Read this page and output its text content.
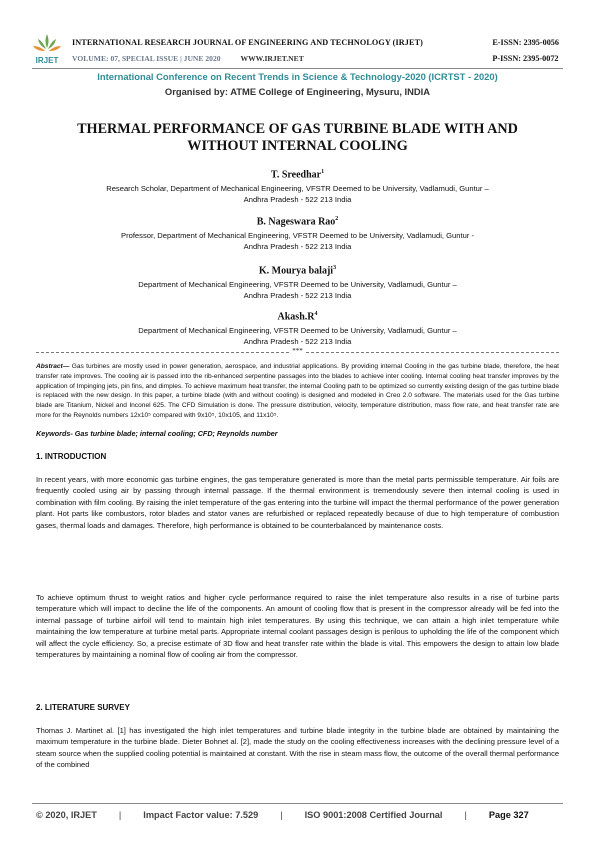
IRJET
INTERNATIONAL RESEARCH JOURNAL OF ENGINEERING AND TECHNOLOGY (IRJET)
VOLUME: 07, SPECIAL ISSUE | JUNE 2020	WWW.IRJET.NET
E-ISSN: 2395-0056
P-ISSN: 2395-0072
International Conference on Recent Trends in Science & Technology-2020 (ICRTST - 2020)
Organised by: ATME College of Engineering, Mysuru, INDIA
THERMAL PERFORMANCE OF GAS TURBINE BLADE WITH AND
WITHOUT INTERNAL COOLING
T. Sreedhar$^1$
Research Scholar, Department of Mechanical Engineering, VFSTR Deemed to be University, Vadlamudi, Guntur –
Andhra Pradesh - 522 213 India
B. Nageswara Rao$^2$
Professor, Department of Mechanical Engineering, VFSTR Deemed to be University, Vadlamudi, Guntur -
Andhra Pradesh - 522 213 India
K. Mourya balaji$^3$
Department of Mechanical Engineering, VFSTR Deemed to be University, Vadlamudi, Guntur –
Andhra Pradesh - 522 213 India
$Akash.R^4$
Department of Mechanical Engineering, VFSTR Deemed to be University, Vadlamudi, Guntur –
Andhra Pradesh - 522 213 India
***
Abstract— Gas turbines are mostly used in power generation, aerospace, and industrial applications. By providing internal Cooling in the gas turbine blade, therefore, the heat transfer rate improves. The cooling air is passed into the rib-enhanced serpentine passages into the blades to achieve inter cooling. Internal cooling heat transfer improves by the application of Impinging jets, pin fins, and dimples. To achieve maximum heat transfer, the internal Cooling path to be optimized so currently existing design of the gas turbine blade is replaced with the new design. In this paper, a turbine blade (with and without cooling) is designed and modeled in Creo 2.0 software. The materials used for the Gas turbine blade are Titanium, Nickel and Inconel 625. The CFD Simulation is done. The pressure distribution, velocity, temperature distribution, mass flow rate, and heat transfer rate are more for the Reynolds numbers 12x10⁵ compared with 9x10⁵, 10x105, and 11x10⁵.
Keywords- Gas turbine blade; internal cooling; CFD; Reynolds number
1. INTRODUCTION
In recent years, with more economic gas turbine engines, the gas temperature generated is more than the metal parts permissible temperature. Air foils are frequently cooled using air by passing through internal passage. If the thermal environment is tremendously severe then internal cooling is used in combination with film cooling. By raising the inlet temperature of the gas entering into the turbine will impact the thermal performance of the power generation plant. Hot parts like combustors, rotor blades and stator vanes are refurbished or replaced repeatedly because of due to high temperature of combustion gases, thermal loads and damages. Therefore, high performance is obtained to be counterbalanced by maintenance costs.
To achieve optimum thrust to weight ratios and higher cycle performance required to raise the inlet temperature also results in a rise of turbine parts temperature which will impact to decline the life of the components. An amount of cooling flow that is present in the compressor already will be fed into the internal passage of turbine airfoil will tend to maintain high inlet temperatures. By using this technique, we can attain a high inlet temperature while maintaining the low temperature at turbine metal parts. Appropriate internal coolant passages design is perilous to upholding the life of the component which will affect the cycle efficiency. So, a precise estimate of 3D flow and heat transfer rate within the blade is vital. This empowers the design to attain low blade temperatures by maintaining a nominal flow of cooling air from the compressor.
2. LITERATURE SURVEY
Thomas J. Martinet al. [1] has investigated the high inlet temperatures and turbine blade integrity in the turbine blade are obtained by maintaining the maximum temperature in the turbine blade. Dieter Bohnet al. [2], made the study on the cooling effectiveness increases with the declining pressure level of a steam source when the supplied cooling potential is maintained at constant. With the rise in steam mass flow, the outcome of the overall thermal performance of the combined
© 2020, IRJET | Impact Factor value: 7.529 | ISO 9001:2008 Certified Journal | Page 327
